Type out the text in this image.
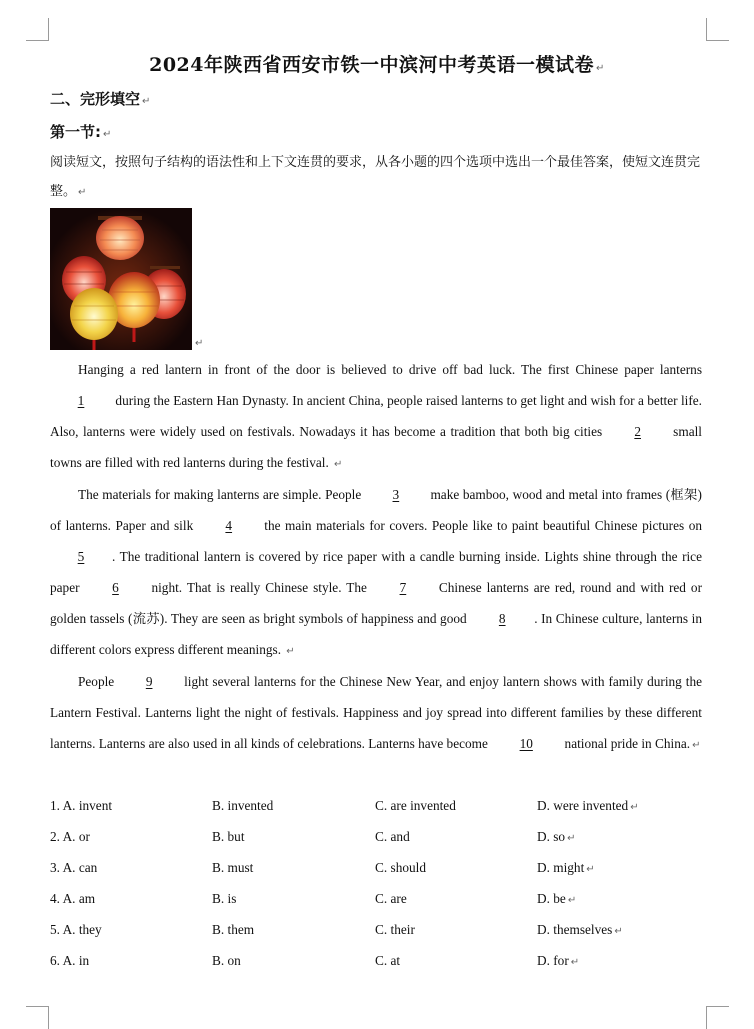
2024年陕西省西安市铁一中滨河中考英语一模试卷 ↵
二、完形填空 ↵
第一节: ↵
阅读短文，按照句子结构的语法性和上下文连贯的要求，从各小题的四个选项中选出一个最佳答案，使短文连贯完整。 ↵
↵
Hanging a red lantern in front of the door is believed to drive off bad luck. The first Chinese paper lanterns 1 during the Eastern Han Dynasty. In ancient China, people raised lanterns to get light and wish for a better life. Also, lanterns were widely used on festivals. Nowadays it has become a tradition that both big cities 2 small towns are filled with red lanterns during the festival. ↵
The materials for making lanterns are simple. People 3 make bamboo, wood and metal into frames (框架) of lanterns. Paper and silk 4 the main materials for covers. People like to paint beautiful Chinese pictures on 5 . The traditional lantern is covered by rice paper with a candle burning inside. Lights shine through the rice paper 6 night. That is really Chinese style. The 7 Chinese lanterns are red, round and with red or golden tassels (流苏). They are seen as bright symbols of happiness and good 8 . In Chinese culture, lanterns in different colors express different meanings. ↵
People 9 light several lanterns for the Chinese New Year, and enjoy lantern shows with family during the Lantern Festival. Lanterns light the night of festivals. Happiness and joy spread into different families by these different lanterns. Lanterns are also used in all kinds of celebrations. Lanterns have become 10 national pride in China. ↵
1. A. invent	B. invented	C. are invented	D. were invented ↵
2. A. or	B. but	C. and	D. so ↵
3. A. can	B. must	C. should	D. might ↵
4. A. am	B. is	C. are	D. be ↵
5. A. they	B. them	C. their	D. themselves ↵
6. A. in	B. on	C. at	D. for ↵
